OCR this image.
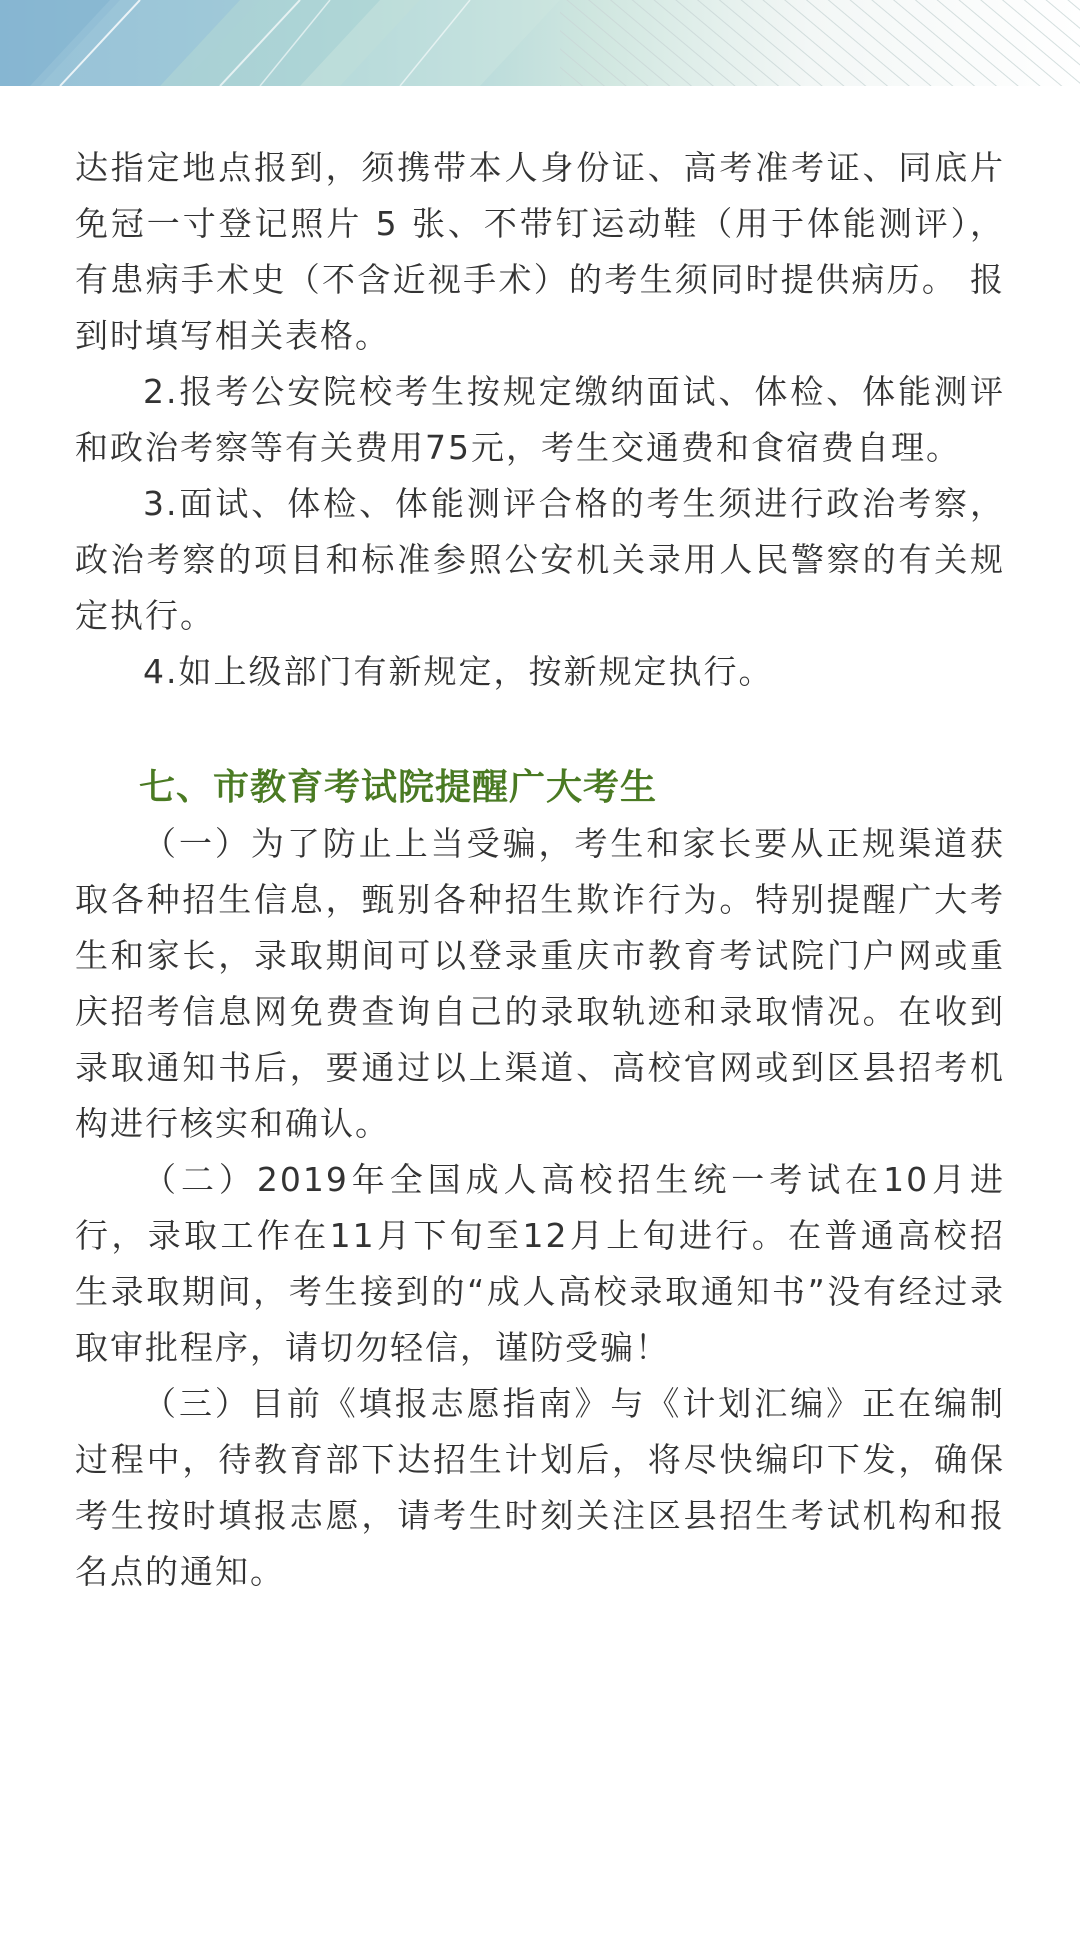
达指定地点报到，须携带本人身份证、高考准考证、同底片免冠一寸登记照片 5 张、不带钉运动鞋（用于体能测评），有患病手术史（不含近视手术）的考生须同时提供病历。 报到时填写相关表格。

2.报考公安院校考生按规定缴纳面试、体检、体能测评和政治考察等有关费用75元，考生交通费和食宿费自理。

3.面试、体检、体能测评合格的考生须进行政治考察，政治考察的项目和标准参照公安机关录用人民警察的有关规定执行。

4.如上级部门有新规定，按新规定执行。

七、市教育考试院提醒广大考生

（一）为了防止上当受骗，考生和家长要从正规渠道获取各种招生信息，甄别各种招生欺诈行为。特别提醒广大考生和家长，录取期间可以登录重庆市教育考试院门户网或重庆招考信息网免费查询自己的录取轨迹和录取情况。在收到录取通知书后，要通过以上渠道、高校官网或到区县招考机构进行核实和确认。

（二）2019年全国成人高校招生统一考试在10月进行，录取工作在11月下旬至12月上旬进行。在普通高校招生录取期间，考生接到的“成人高校录取通知书”没有经过录取审批程序，请切勿轻信，谨防受骗！

（三）目前《填报志愿指南》与《计划汇编》正在编制过程中，待教育部下达招生计划后，将尽快编印下发，确保考生按时填报志愿，请考生时刻关注区县招生考试机构和报名点的通知。
